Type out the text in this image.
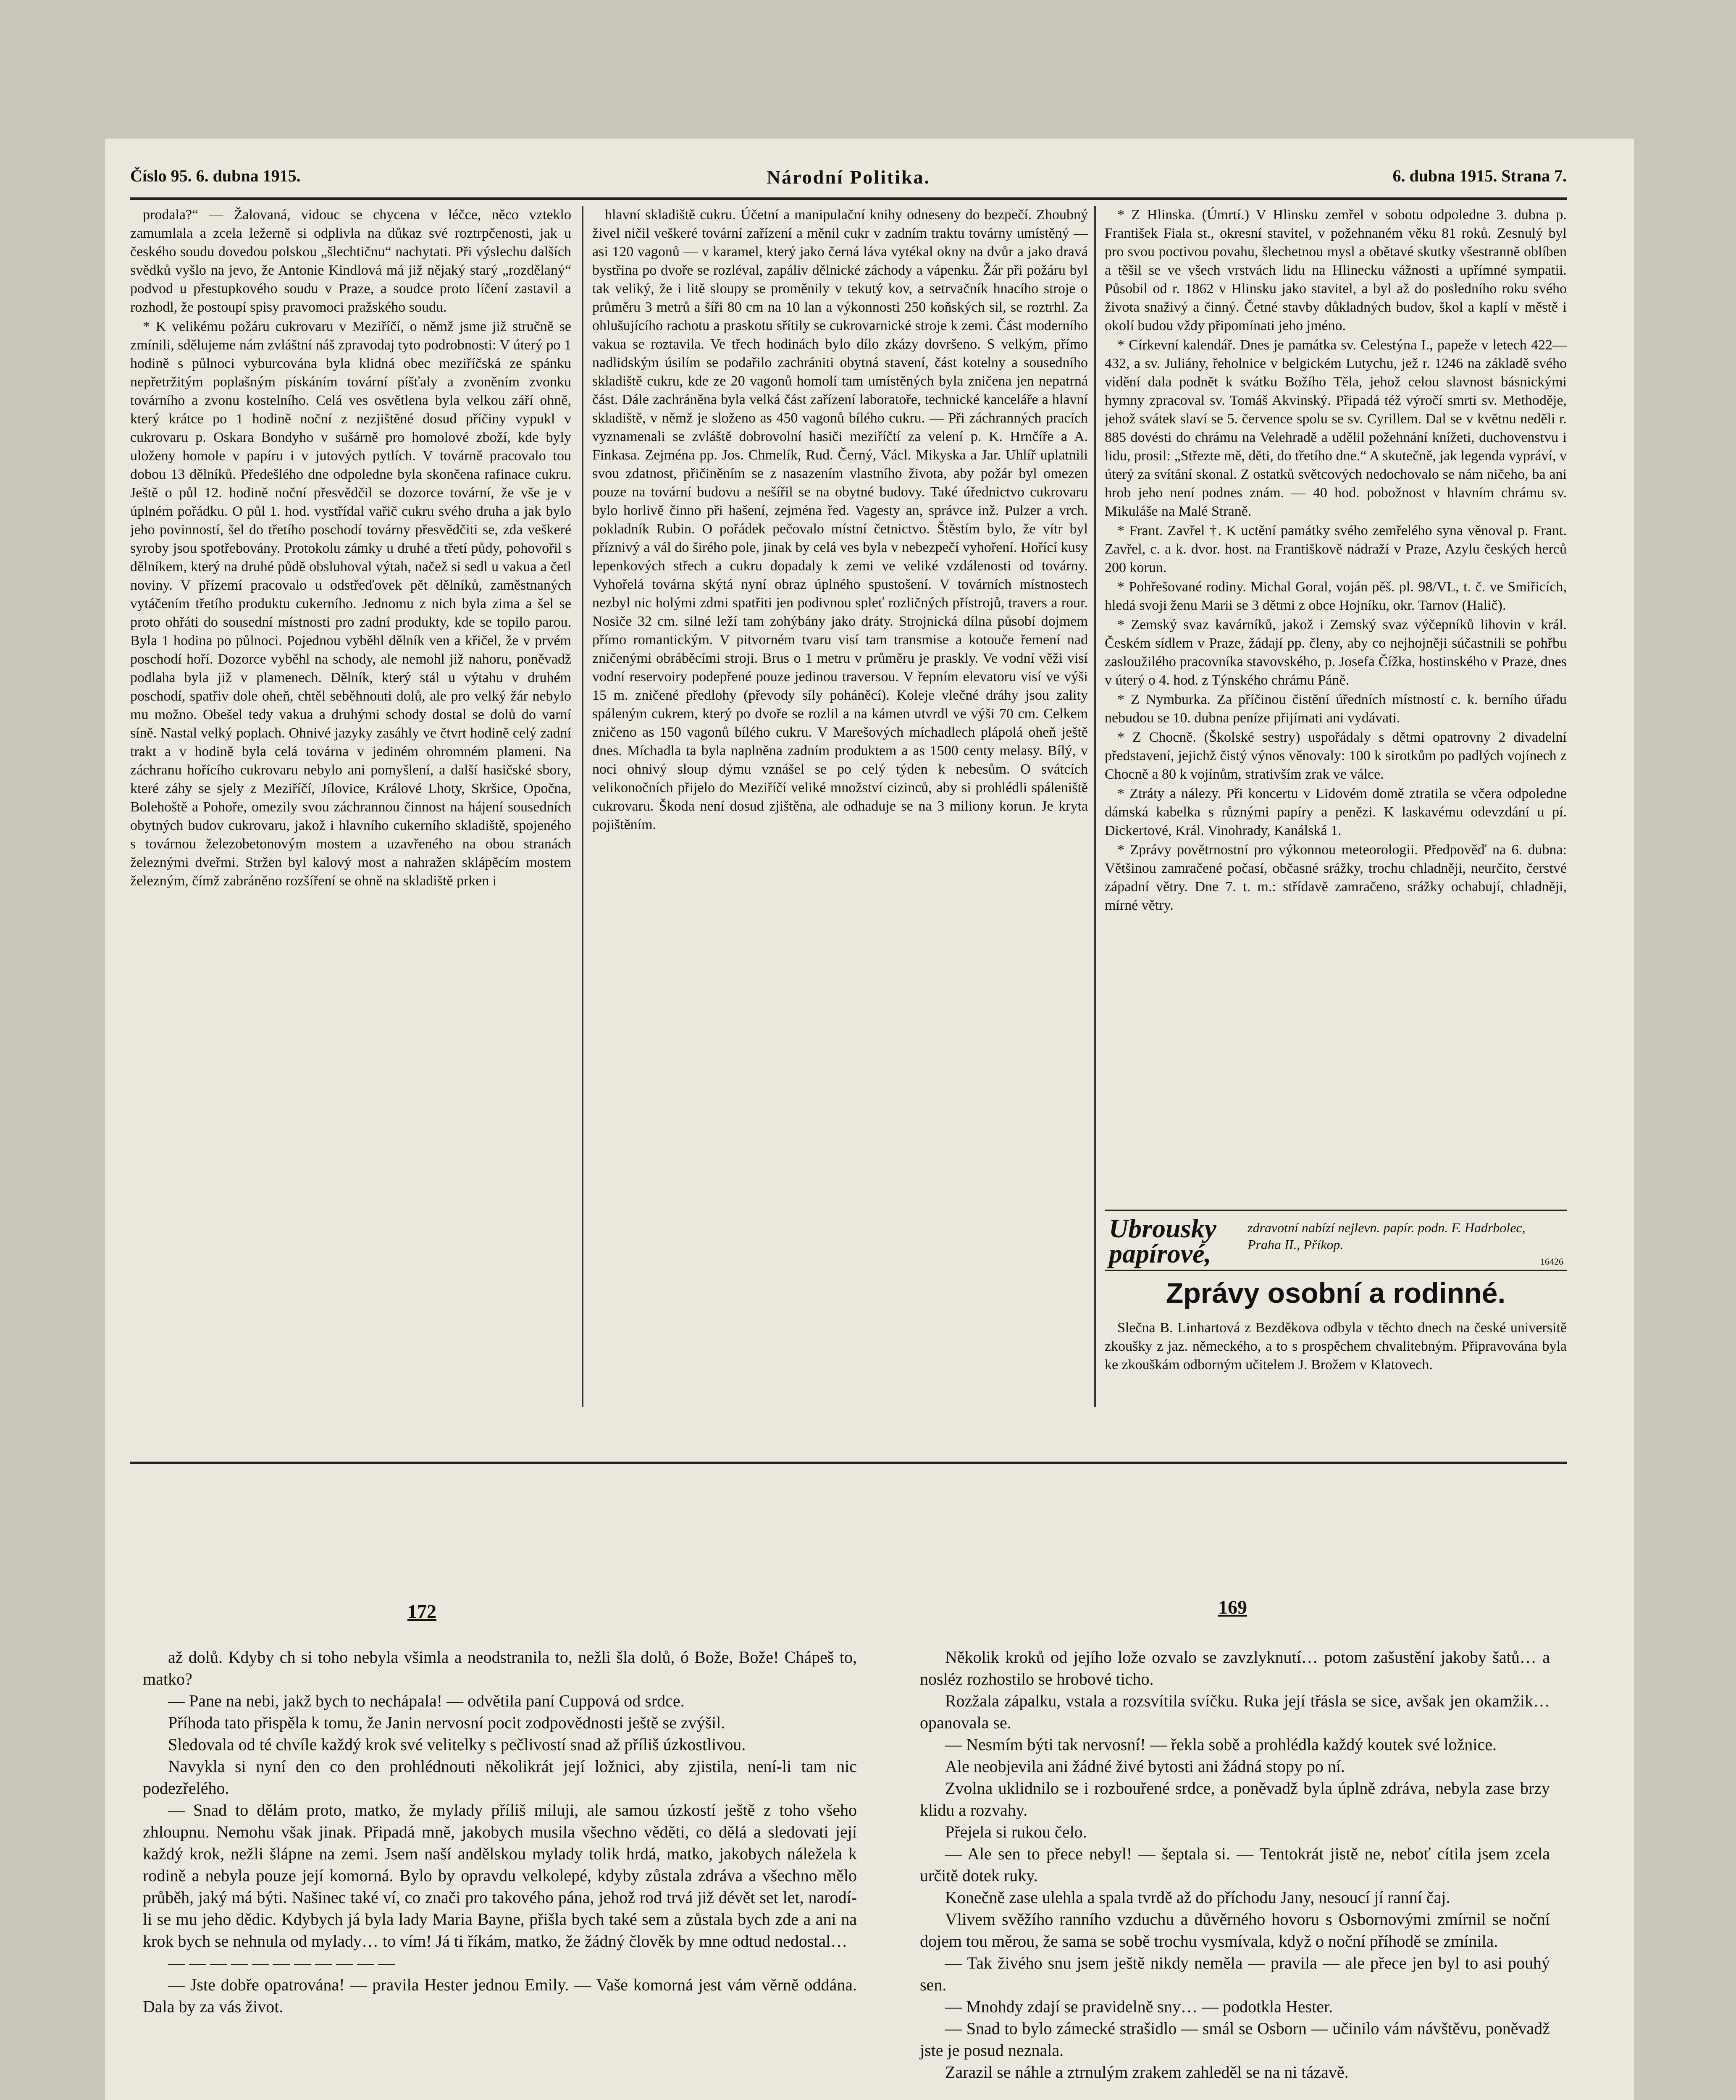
Číslo 95. 6. dubna 1915.	Národní Politika.	6. dubna 1915. Strana 7.

prodala?“ — Žalovaná, vidouc se chycena v léčce, něco vzteklo zamumlala a zcela ležerně si odplivla na důkaz své roztrpčenosti, jak u českého soudu dovedou polskou „šlechtičnu“ nachytati. Při výslechu dalších svědků vyšlo na jevo, že Antonie Kindlová má již nějaký starý „rozdělaný“ podvod u přestupkového soudu v Praze, a soudce proto líčení zastavil a rozhodl, že postoupí spisy pravomoci pražského soudu.

* K velikému požáru cukrovaru v Meziříčí, o němž jsme již stručně se zmínili, sdělujeme nám zvláštní náš zpravodaj tyto podrobnosti: V úterý po 1 hodině s půlnoci vyburcována byla klidná obec meziříčská ze spánku nepřetržitým poplašným pískáním tovární píšťaly a zvoněním zvonku továrního a zvonu kostelního. Celá ves osvětlena byla velkou září ohně, který krátce po 1 hodině noční z nezjištěné dosud příčiny vypukl v cukrovaru p. Oskara Bondyho v sušárně pro homolové zboží, kde byly uloženy homole v papíru i v jutových pytlích. V továrně pracovalo tou dobou 13 dělníků. Předešlého dne odpoledne byla skončena rafinace cukru. Ještě o půl 12. hodině noční přesvědčil se dozorce tovární, že vše je v úplném pořádku. O půl 1. hod. vystřídal vařič cukru svého druha a jak bylo jeho povinností, šel do třetího poschodí továrny přesvědčiti se, zda veškeré syroby jsou spotřebovány. Protokolu zámky u druhé a třetí půdy, pohovořil s dělníkem, který na druhé půdě obsluhoval výtah, načež si sedl u vakua a četl noviny. V přízemí pracovalo u odstřeďovek pět dělníků, zaměstnaných vytáčením třetího produktu cukerního. Jednomu z nich byla zima a šel se proto ohřáti do sousední místnosti pro zadní produkty, kde se topilo parou. Byla 1 hodina po půlnoci. Pojednou vyběhl dělník ven a křičel, že v prvém poschodí hoří. Dozorce vyběhl na schody, ale nemohl již nahoru, poněvadž podlaha byla již v plamenech. Dělník, který stál u výtahu v druhém poschodí, spatřiv dole oheň, chtěl seběhnouti dolů, ale pro velký žár nebylo mu možno. Obešel tedy vakua a druhými schody dostal se dolů do varní síně. Nastal velký poplach. Ohnivé jazyky zasáhly ve čtvrt hodině celý zadní trakt a v hodině byla celá továrna v jediném ohromném plameni. Na záchranu hořícího cukrovaru nebylo ani pomyšlení, a další hasičské sbory, které záhy se sjely z Meziříčí, Jílovice, Králové Lhoty, Skršice, Opočna, Bolehoště a Pohoře, omezily svou záchrannou činnost na hájení sousedních obytných budov cukrovaru, jakož i hlavního cukerního skladiště, spojeného s továrnou železobetonovým mostem a uzavřeného na obou stranách železnými dveřmi. Stržen byl kalový most a nahražen sklápěcím mostem železným, čímž zabráněno rozšíření se ohně na skladiště prken i

hlavní skladiště cukru. Účetní a manipulační knihy odneseny do bezpečí. Zhoubný živel ničil veškeré tovární zařízení a měnil cukr v zadním traktu továrny umístěný — asi 120 vagonů — v karamel, který jako černá láva vytékal okny na dvůr a jako dravá bystřina po dvoře se rozléval, zapáliv dělnické záchody a vápenku. Žár při požáru byl tak veliký, že i litě sloupy se proměnily v tekutý kov, a setrvačník hnacího stroje o průměru 3 metrů a šíři 80 cm na 10 lan a výkonnosti 250 koňských sil, se roztrhl. Za ohlušujícího rachotu a praskotu sřítily se cukrovarnické stroje k zemi. Část moderního vakua se roztavila. Ve třech hodinách bylo dílo zkázy dovršeno. S velkým, přímo nadlidským úsilím se podařilo zachrániti obytná stavení, část kotelny a sousedního skladiště cukru, kde ze 20 vagonů homolí tam umístěných byla zničena jen nepatrná část. Dále zachráněna byla velká část zařízení laboratoře, technické kanceláře a hlavní skladiště, v němž je složeno as 450 vagonů bílého cukru. — Při záchranných pracích vyznamenali se zvláště dobrovolní hasiči meziříčtí za velení p. K. Hrnčíře a A. Finkasa. Zejména pp. Jos. Chmelík, Rud. Černý, Václ. Mikyska a Jar. Uhlíř uplatnili svou zdatnost, přičiněním se z nasazením vlastního života, aby požár byl omezen pouze na tovární budovu a nešířil se na obytné budovy. Také úřednictvo cukrovaru bylo horlivě činno při hašení, zejména řed. Vagesty an, správce inž. Pulzer a vrch. pokladník Rubin. O pořádek pečovalo místní četnictvo. Štěstím bylo, že vítr byl příznivý a vál do širého pole, jinak by celá ves byla v nebezpečí vyhoření. Hořící kusy lepenkových střech a cukru dopadaly k zemi ve veliké vzdálenosti od továrny. Vyhořelá továrna skýtá nyní obraz úplného spustošení. V továrních místnostech nezbyl nic holými zdmi spatřiti jen podivnou spleť rozličných přístrojů, travers a rour. Nosiče 32 cm. silné leží tam zohýbány jako dráty. Strojnická dílna působí dojmem přímo romantickým. V pitvorném tvaru visí tam transmise a kotouče řemení nad zničenými obráběcími stroji. Brus o 1 metru v průměru je praskly. Ve vodní věži visí vodní reservoiry podepřené pouze jedinou traversou. V řepním elevatoru visí ve výši 15 m. zničené předlohy (převody síly poháněcí). Koleje vlečné dráhy jsou zality spáleným cukrem, který po dvoře se rozlil a na kámen utvrdl ve výši 70 cm. Celkem zničeno as 150 vagonů bílého cukru. V Marešových míchadlech plápolá oheň ještě dnes. Míchadla ta byla naplněna zadním produktem a as 1500 centy melasy. Bílý, v noci ohnivý sloup dýmu vznášel se po celý týden k nebesům. O svátcích velikonočních přijelo do Meziříčí veliké množství cizinců, aby si prohlédli spáleniště cukrovaru. Škoda není dosud zjištěna, ale odhaduje se na 3 miliony korun. Je kryta pojištěním.

* Z Hlinska. (Úmrtí.) V Hlinsku zemřel v sobotu odpoledne 3. dubna p. František Fiala st., okresní stavitel, v požehnaném věku 81 roků. Zesnulý byl pro svou poctivou povahu, šlechetnou mysl a obětavé skutky všestranně oblíben a těšil se ve všech vrstvách lidu na Hlinecku vážnosti a upřímné sympatii. Působil od r. 1862 v Hlinsku jako stavitel, a byl až do posledního roku svého života snaživý a činný. Četné stavby důkladných budov, škol a kaplí v městě i okolí budou vždy připomínati jeho jméno.

* Církevní kalendář. Dnes je památka sv. Celestýna I., papeže v letech 422—432, a sv. Juliány, řeholnice v belgickém Lutychu, jež r. 1246 na základě svého vidění dala podnět k svátku Božího Těla, jehož celou slavnost básnickými hymny zpracoval sv. Tomáš Akvinský. Připadá též výročí smrti sv. Methoděje, jehož svátek slaví se 5. července spolu se sv. Cyrillem. Dal se v květnu neděli r. 885 dovésti do chrámu na Velehradě a udělil požehnání knížeti, duchovenstvu i lidu, prosil: „Střezte mě, děti, do třetího dne.“ A skutečně, jak legenda vypráví, v úterý za svítání skonal. Z ostatků světcových nedochovalo se nám ničeho, ba ani hrob jeho není podnes znám. — 40 hod. pobožnost v hlavním chrámu sv. Mikuláše na Malé Straně.

* Frant. Zavřel †. K uctění památky svého zemřelého syna věnoval p. Frant. Zavřel, c. a k. dvor. host. na Františkově nádraží v Praze, Azylu českých herců 200 korun.

* Pohřešované rodiny. Michal Goral, voján pěš. pl. 98/VL, t. č. ve Smiřicích, hledá svoji ženu Marii se 3 dětmi z obce Hojníku, okr. Tarnov (Halič).

* Zemský svaz kavárníků, jakož i Zemský svaz výčepníků lihovin v král. Českém sídlem v Praze, žádají pp. členy, aby co nejhojněji súčastnili se pohřbu zasloužilého pracovníka stavovského, p. Josefa Čížka, hostinského v Praze, dnes v úterý o 4. hod. z Týnského chrámu Páně.

* Z Nymburka. Za příčinou čistění úředních místností c. k. berního úřadu nebudou se 10. dubna peníze přijímati ani vydávati.

* Z Chocně. (Školské sestry) uspořádaly s dětmi opatrovny 2 divadelní představení, jejichž čistý výnos věnovaly: 100 k sirotkům po padlých vojínech z Chocně a 80 k vojínům, strativším zrak ve válce.

* Ztráty a nálezy. Při koncertu v Lidovém domě ztratila se včera odpoledne dámská kabelka s různými papíry a penězi. K laskavému odevzdání u pí. Dickertové, Král. Vinohrady, Kanálská 1.

* Zprávy povětrnostní pro výkonnou meteorologii. Předpověď na 6. dubna: Většinou zamračené počasí, občasné srážky, trochu chladněji, neurčito, čerstvé západní větry. Dne 7. t. m.: střídavě zamračeno, srážky ochabují, chladněji, mírné větry.

Ubrousky papírové,
zdravotní nabízí nejlevn. papír. podn. F. Hadrbolec, Praha II., Příkop.
16426
Zprávy osobní a rodinné.

Slečna B. Linhartová z Bezděkova odbyla v těchto dnech na české universitě zkoušky z jaz. německého, a to s prospěchem chvalitebným. Připravována byla ke zkouškám odborným učitelem J. Brožem v Klatovech.

172	169

až dolů. Kdyby ch si toho nebyla všimla a neodstranila to, nežli šla dolů, ó Bože, Bože! Chápeš to, matko?

— Pane na nebi, jakž bych to nechápala! — odvětila paní Cuppová od srdce.

Příhoda tato přispěla k tomu, že Janin nervosní pocit zodpovědnosti ještě se zvýšil.

Sledovala od té chvíle každý krok své velitelky s pečlivostí snad až příliš úzkostlivou.

Navykla si nyní den co den prohlédnouti několikrát její ložnici, aby zjistila, není-li tam nic podezřelého.

— Snad to dělám proto, matko, že mylady příliš miluji, ale samou úzkostí ještě z toho všeho zhloupnu. Nemohu však jinak. Připadá mně, jakobych musila všechno věděti, co dělá a sledovati její každý krok, nežli šlápne na zemi. Jsem naší andělskou mylady tolik hrdá, matko, jakobych náležela k rodině a nebyla pouze její komorná. Bylo by opravdu velkolepé, kdyby zůstala zdráva a všechno mělo průběh, jaký má býti. Našinec také ví, co znači pro takového pána, jehož rod trvá již dévět set let, narodí-li se mu jeho dědic. Kdybych já byla lady Maria Bayne, přišla bych také sem a zůstala bych zde a ani na krok bych se nehnula od mylady… to vím! Já ti říkám, matko, že žádný člověk by mne odtud nedostal…

— — — — — — — — — — —

— Jste dobře opatrována! — pravila Hester jednou Emily. — Vaše komorná jest vám věrně oddána. Dala by za vás život.

Několik kroků od jejího lože ozvalo se zavzlyknutí… potom zašustění jakoby šatů… a nosléz rozhostilo se hrobové ticho.

Rozžala zápalku, vstala a rozsvítila svíčku. Ruka její třásla se sice, avšak jen okamžik… opanovala se.

— Nesmím býti tak nervosní! — řekla sobě a prohlédla každý koutek své ložnice.

Ale neobjevila ani žádné živé bytosti ani žádná stopy po ní.

Zvolna uklidnilo se i rozbouřené srdce, a poněvadž byla úplně zdráva, nebyla zase brzy klidu a rozvahy.

Přejela si rukou čelo.

— Ale sen to přece nebyl! — šeptala si. — Tentokrát jistě ne, neboť cítila jsem zcela určitě dotek ruky.

Konečně zase ulehla a spala tvrdě až do příchodu Jany, nesoucí jí ranní čaj.

Vlivem svěžího ranního vzduchu a důvěrného hovoru s Osbornovými zmírnil se noční dojem tou měrou, že sama se sobě trochu vysmívala, když o noční příhodě se zmínila.

— Tak živého snu jsem ještě nikdy neměla — pravila — ale přece jen byl to asi pouhý sen.

— Mnohdy zdají se pravidelně sny… — podotkla Hester.

— Snad to bylo zámecké strašidlo — smál se Osborn — učinilo vám návštěvu, poněvadž jste je posud neznala.

Zarazil se náhle a ztrnulým zrakem zahleděl se na ni tázavě.
